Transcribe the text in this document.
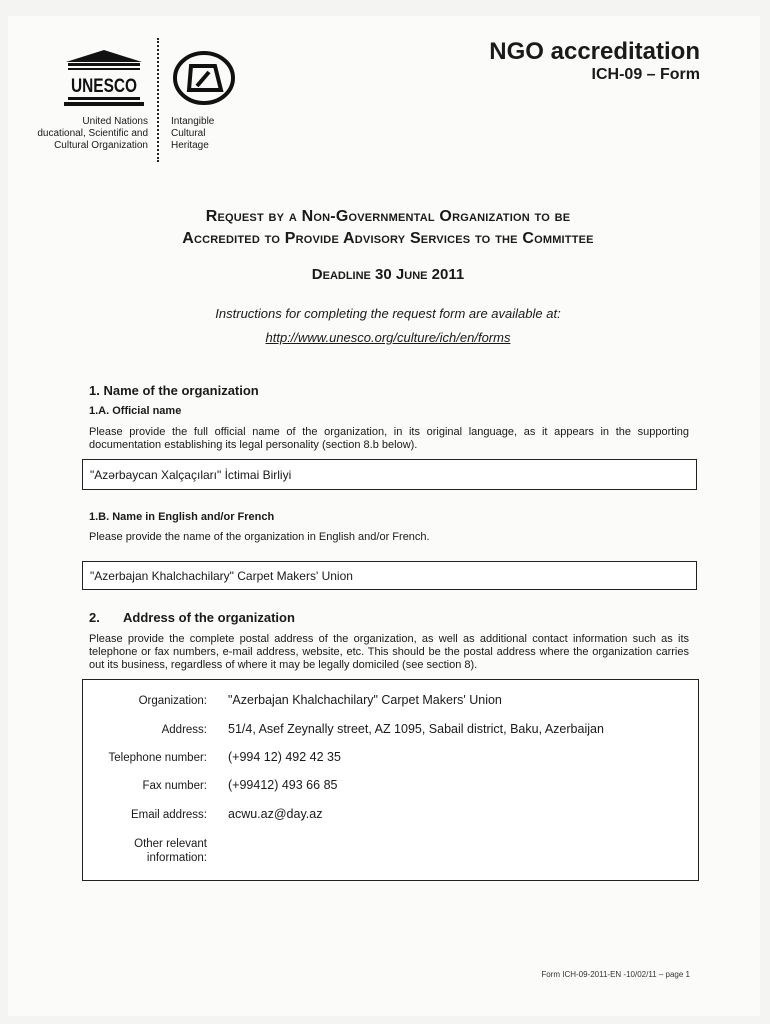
UNESCO
United Nations
ducational, Scientific and
Cultural Organization
Intangible
Cultural
Heritage
NGO accreditation
ICH-09 – Form
Request by a Non-Governmental Organization to be
Accredited to Provide Advisory Services to the Committee
Deadline 30 June 2011
Instructions for completing the request form are available at:
http://www.unesco.org/culture/ich/en/forms
1. Name of the organization
1.A. Official name
Please provide the full official name of the organization, in its original language, as it appears in the supporting documentation establishing its legal personality (section 8.b below).
"Azərbaycan Xalçaçıları" İctimai Birliyi
1.B. Name in English and/or French
Please provide the name of the organization in English and/or French.
"Azerbajan Khalchachilary" Carpet Makers' Union
2. Address of the organization
Please provide the complete postal address of the organization, as well as additional contact information such as its telephone or fax numbers, e-mail address, website, etc. This should be the postal address where the organization carries out its business, regardless of where it may be legally domiciled (see section 8).
Organization: "Azerbajan Khalchachilary" Carpet Makers' Union
Address: 51/4, Asef Zeynally street, AZ 1095, Sabail district, Baku, Azerbaijan
Telephone number: (+994 12) 492 42 35
Fax number: (+99412) 493 66 85
Email address: acwu.az@day.az
Other relevant
information:
Form ICH-09-2011-EN -10/02/11 – page 1
